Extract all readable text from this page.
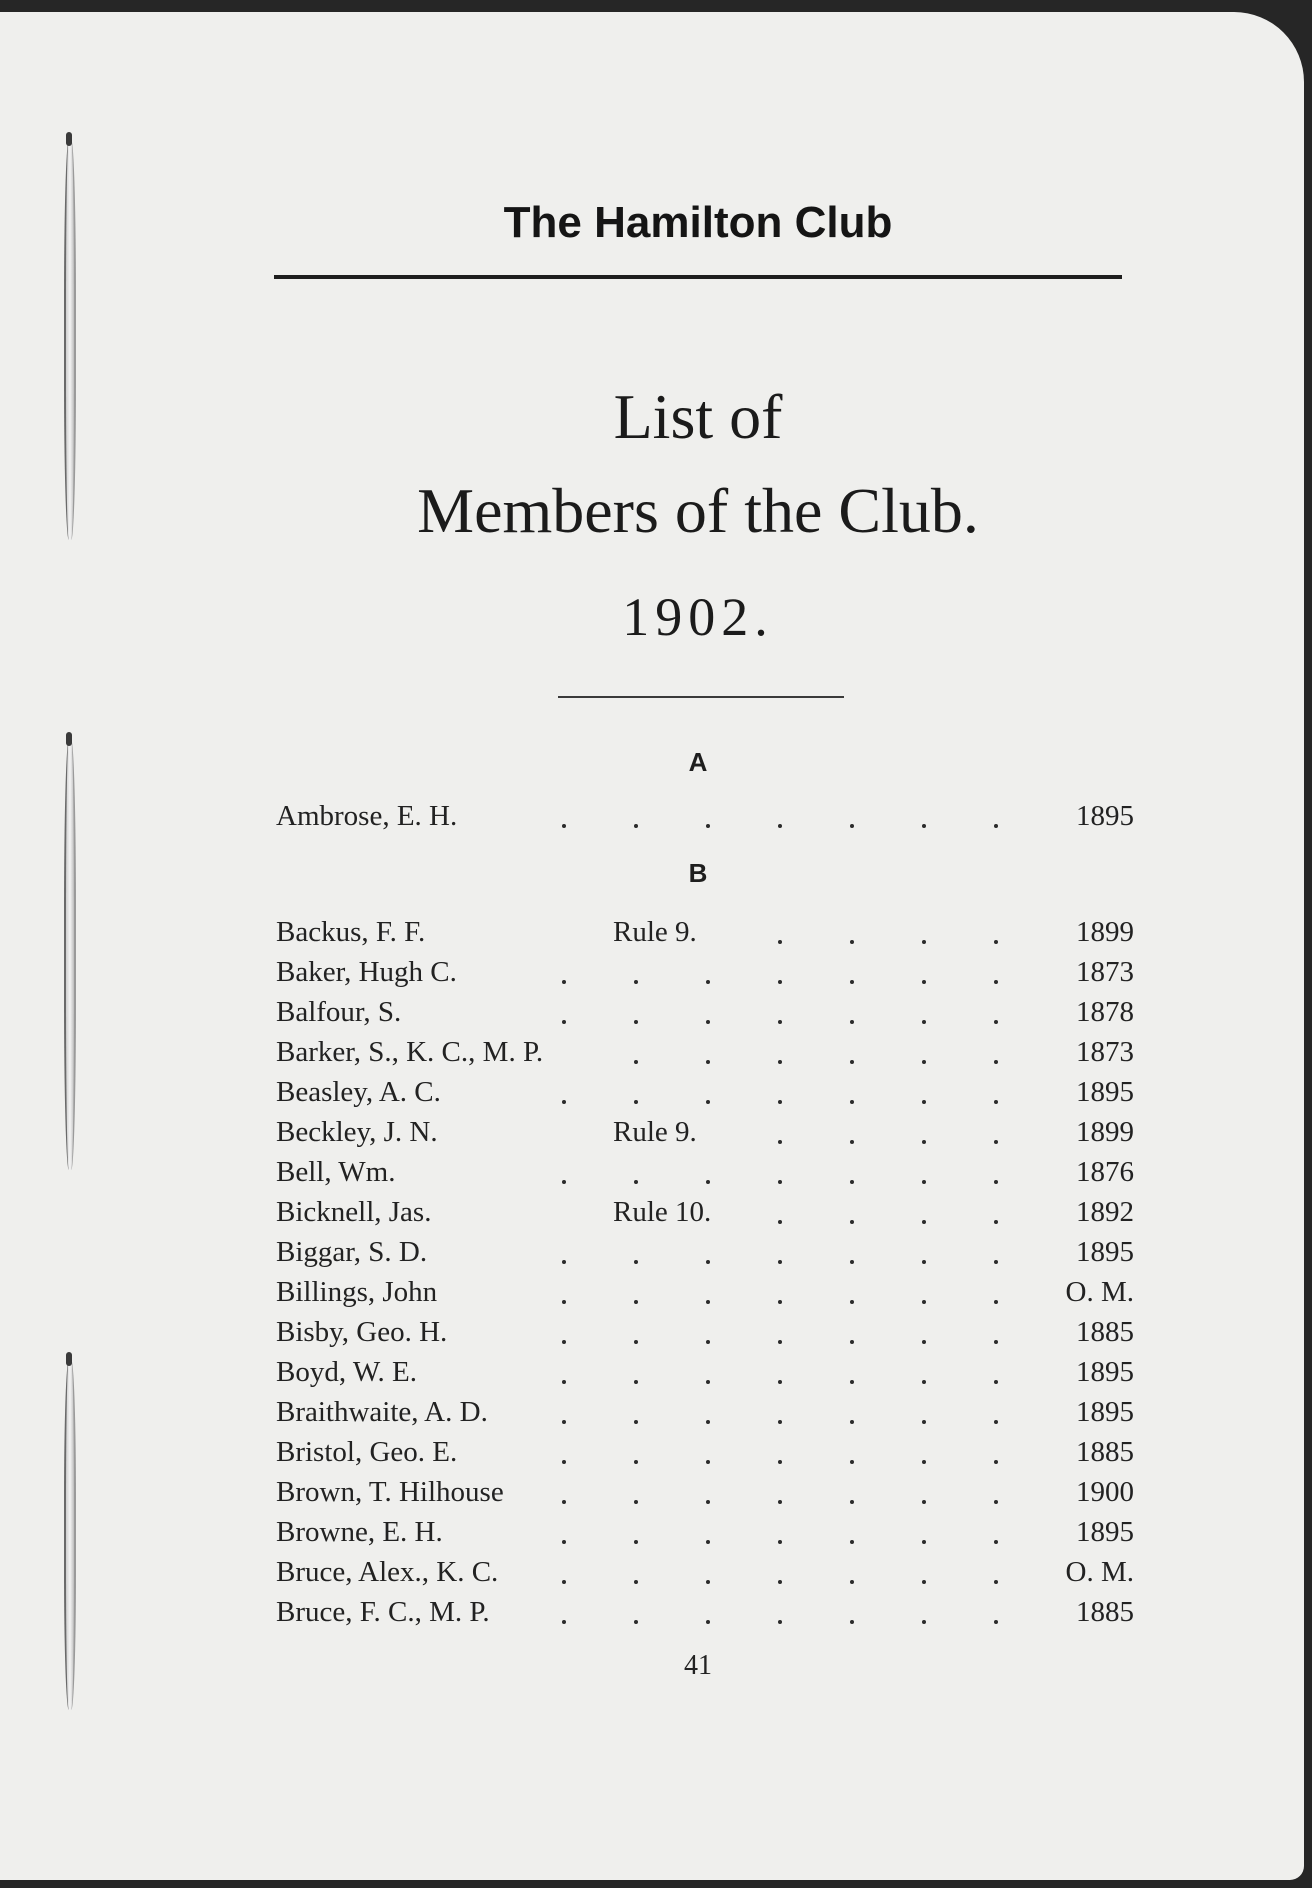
The Hamilton Club
List of
Members of the Club.
1902.
A
Ambrose, E. H.	1895
B
Backus, F. F.	Rule 9.	1899
Baker, Hugh C.	1873
Balfour, S.	1878
Barker, S., K. C., M. P.	1873
Beasley, A. C.	1895
Beckley, J. N.	Rule 9.	1899
Bell, Wm.	1876
Bicknell, Jas.	Rule 10.	1892
Biggar, S. D.	1895
Billings, John	O. M.
Bisby, Geo. H.	1885
Boyd, W. E.	1895
Braithwaite, A. D.	1895
Bristol, Geo. E.	1885
Brown, T. Hilhouse	1900
Browne, E. H.	1895
Bruce, Alex., K. C.	O. M.
Bruce, F. C., M. P.	1885
41
